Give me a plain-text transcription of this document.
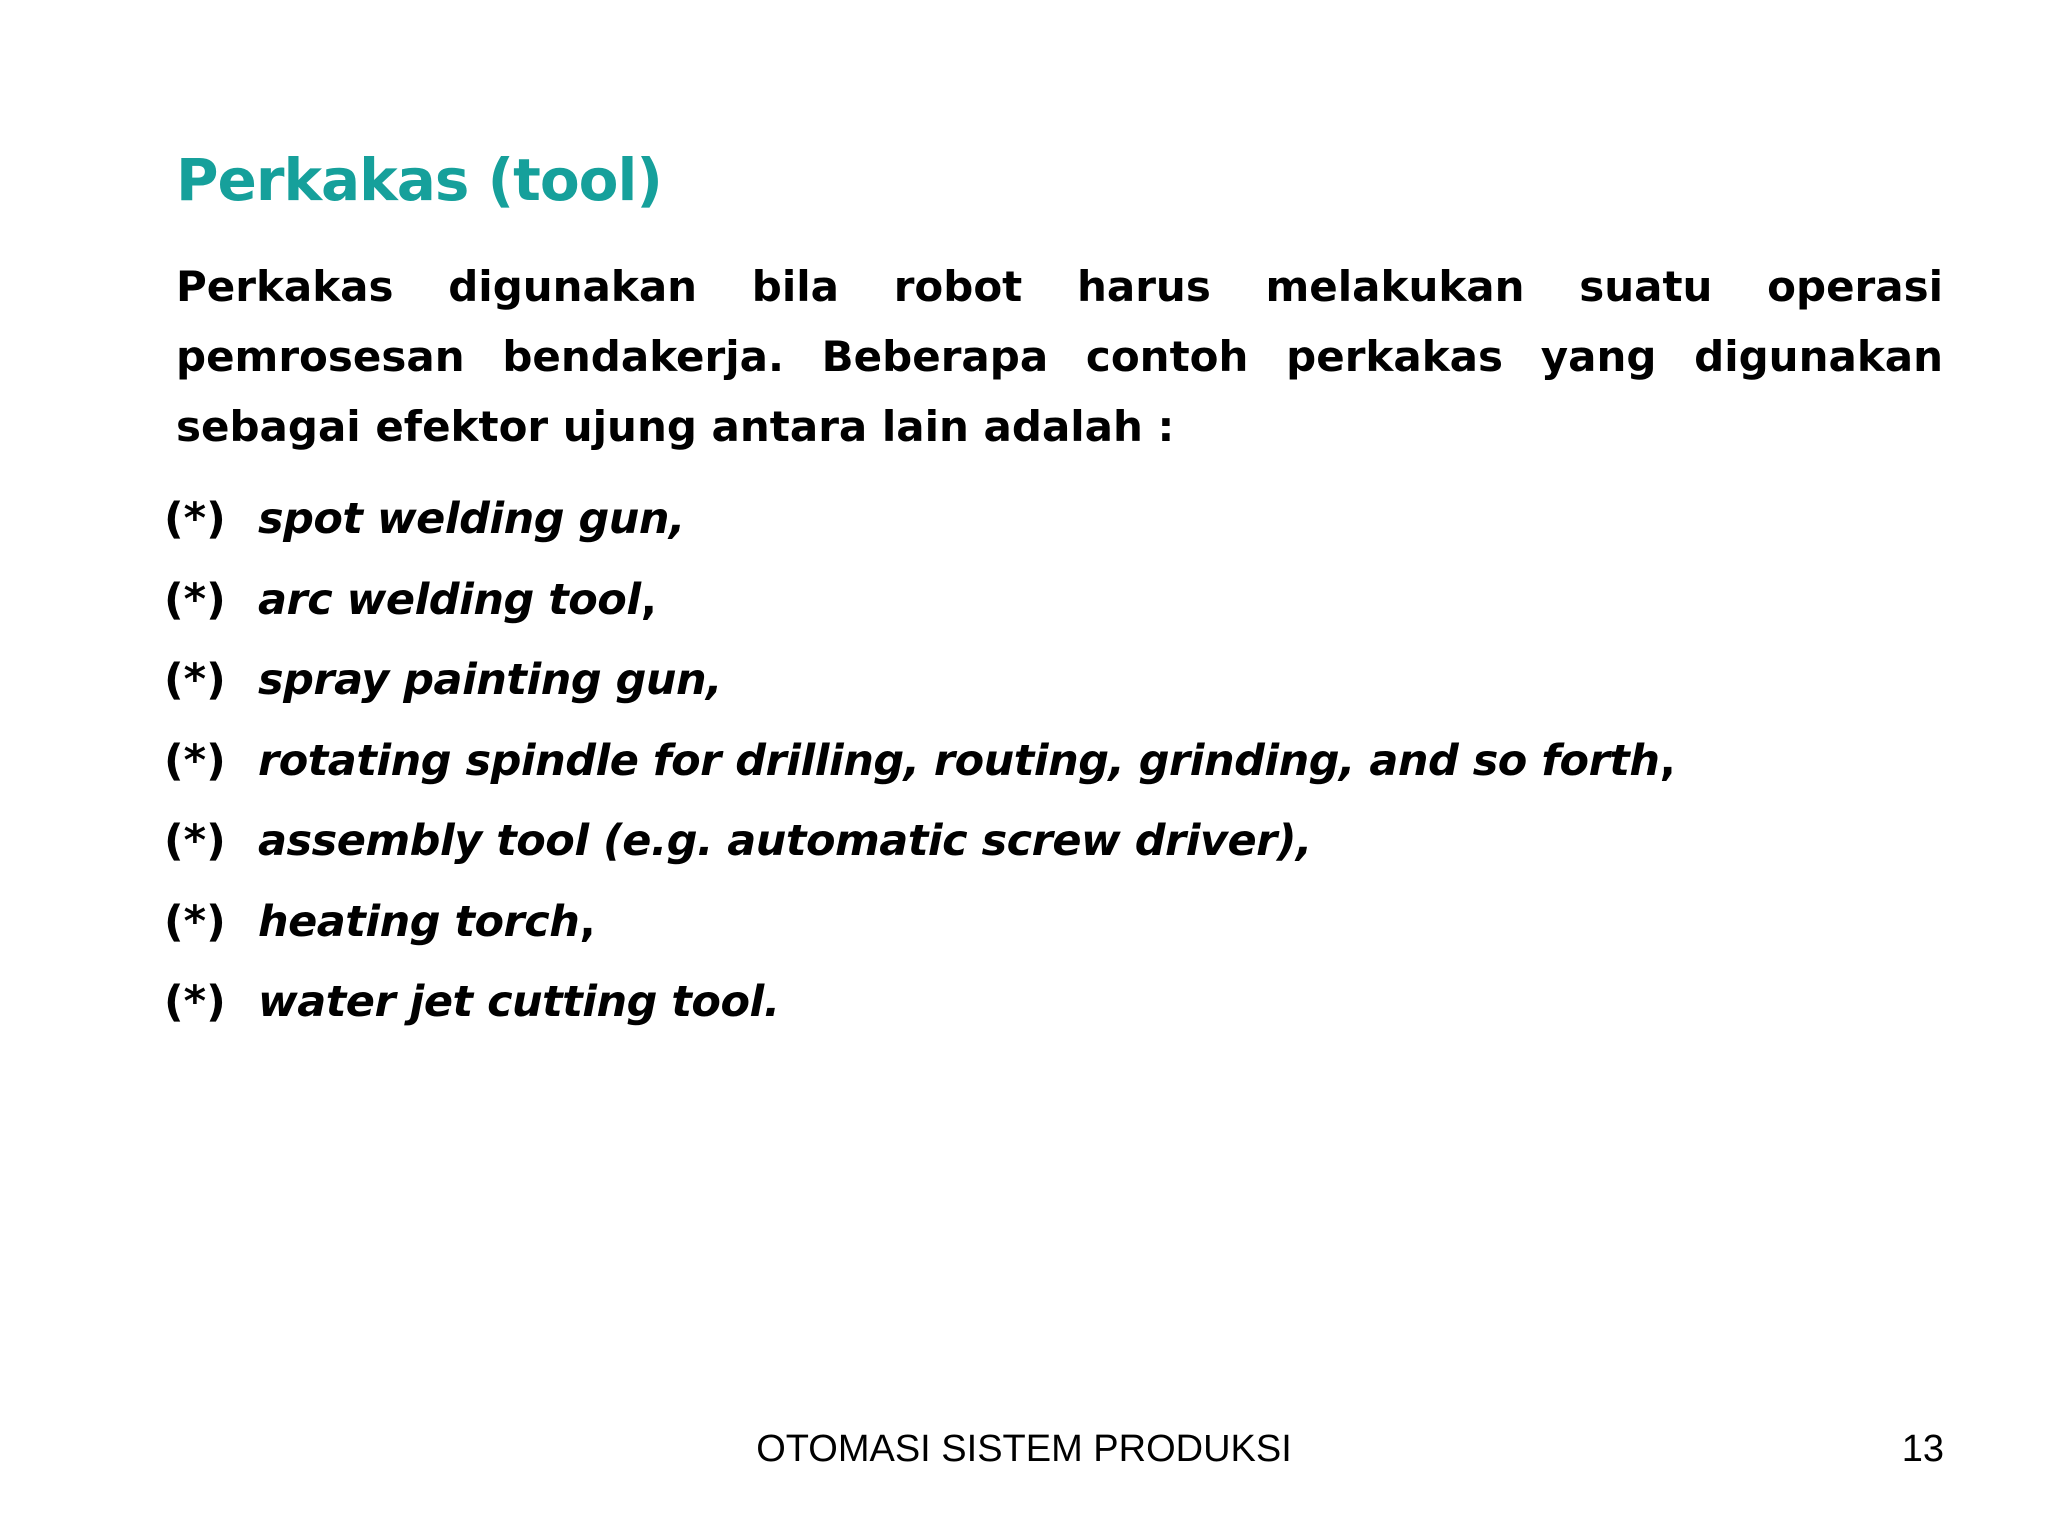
Perkakas (tool)

Perkakas digunakan bila robot harus melakukan suatu operasi pemrosesan bendakerja. Beberapa contoh perkakas yang digunakan sebagai efektor ujung antara lain adalah :

(*) spot welding gun,
(*) arc welding tool ,
(*) spray painting gun,
(*) rotating spindle for drilling, routing, grinding, and so forth ,
(*) assembly tool (e.g. automatic screw driver),
(*) heating torch ,
(*) water jet cutting tool.
OTOMASI SISTEM PRODUKSI	13
